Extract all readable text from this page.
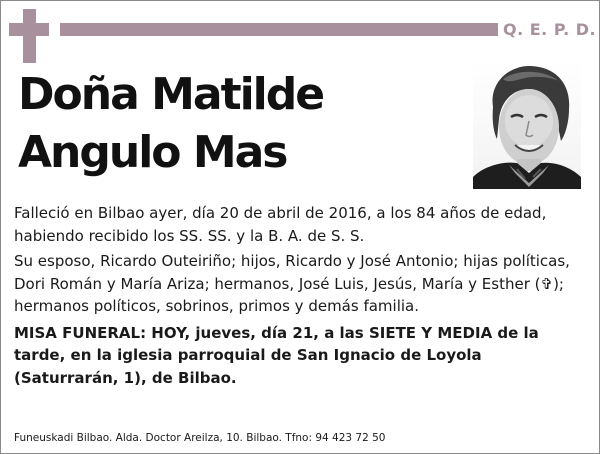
Q. E. P. D.
Doña Matilde
Angulo Mas

Falleció en Bilbao ayer, día 20 de abril de 2016, a los 84 años de edad, habiendo recibido los SS. SS. y la B. A. de S. S.

Su esposo, Ricardo Outeiriño; hijos, Ricardo y José Antonio; hijas políticas, Dori Román y María Ariza; hermanos, José Luis, Jesús, María y Esther (✞); hermanos políticos, sobrinos, primos y demás familia.

MISA FUNERAL: HOY, jueves, día 21, a las SIETE Y MEDIA de la tarde, en la iglesia parroquial de San Ignacio de Loyola (Saturrarán, 1), de Bilbao.

Funeuskadi Bilbao. Alda. Doctor Areilza, 10. Bilbao. Tfno: 94 423 72 50
